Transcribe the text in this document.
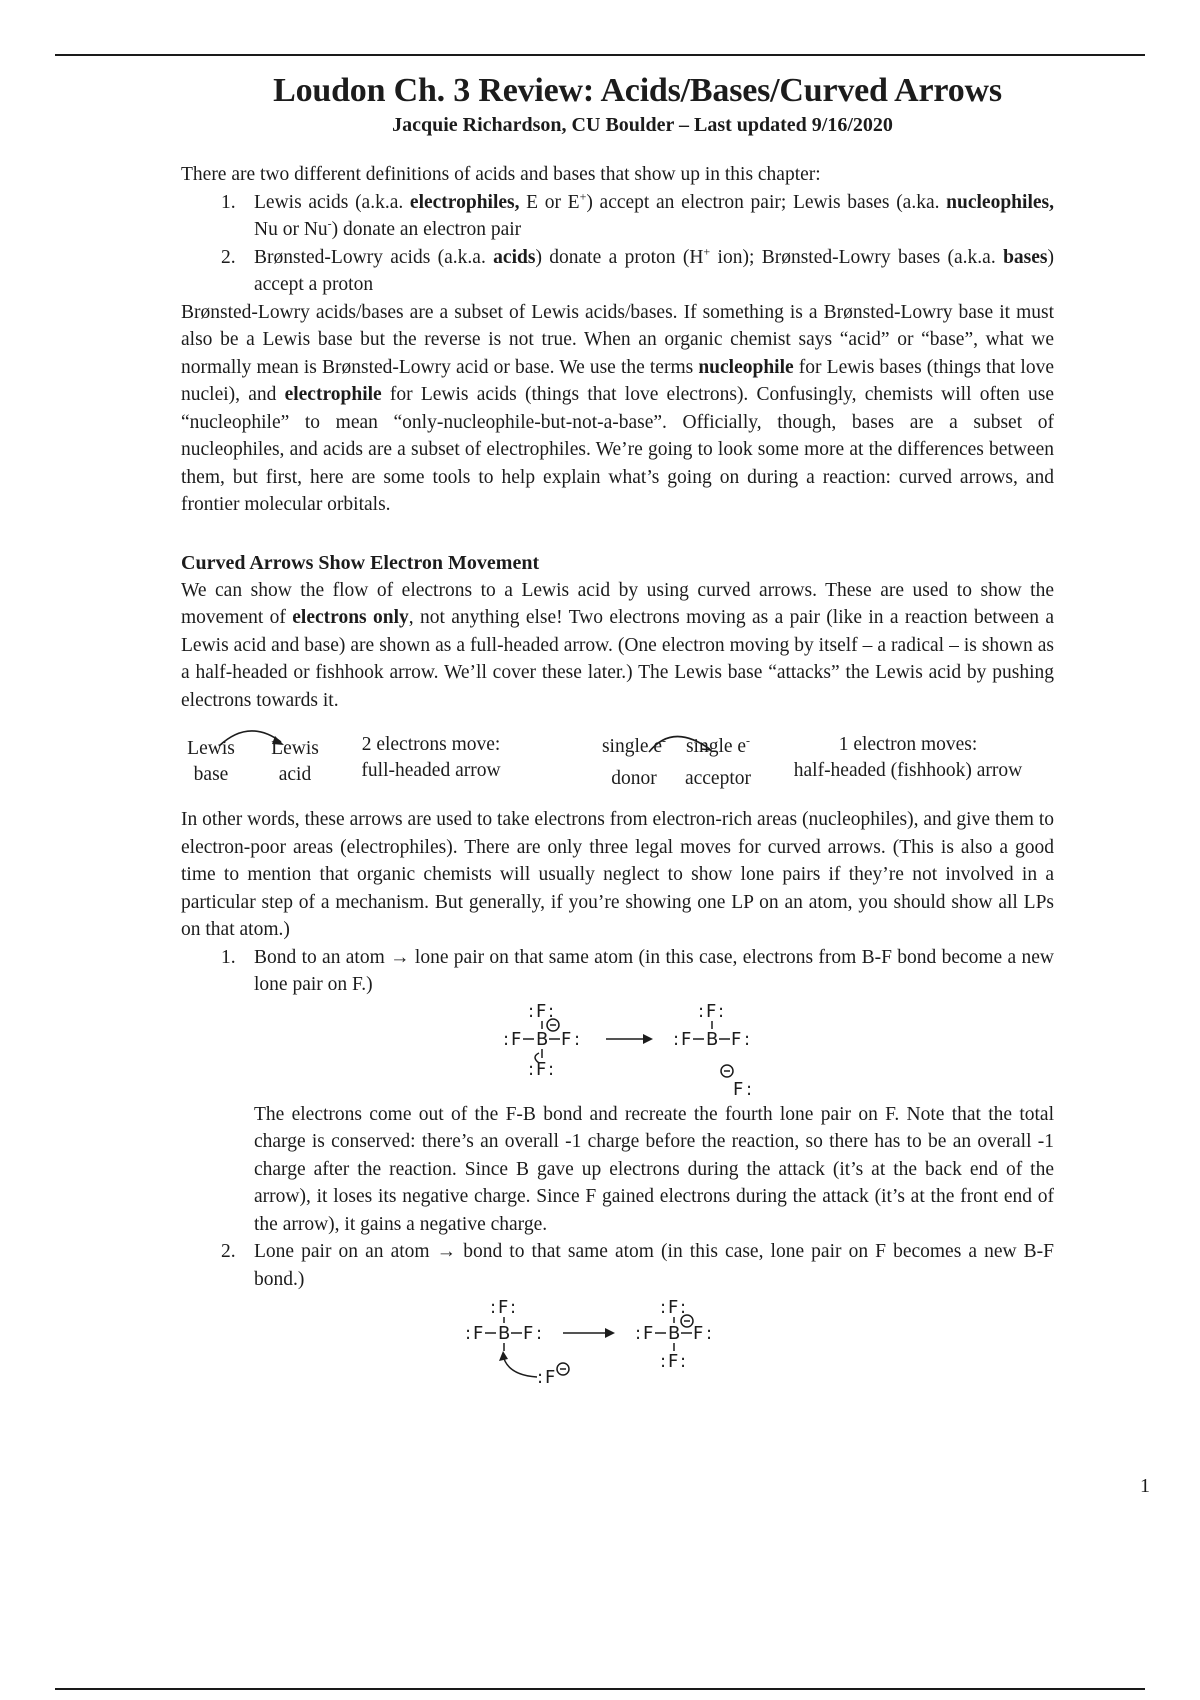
Loudon Ch. 3 Review: Acids/Bases/Curved Arrows
Jacquie Richardson, CU Boulder – Last updated 9/16/2020

There are two different definitions of acids and bases that show up in this chapter:

1. Lewis acids (a.k.a. electrophiles, E or E+) accept an electron pair; Lewis bases (a.ka. nucleophiles, Nu or Nu-) donate an electron pair
2. Brønsted-Lowry acids (a.k.a. acids) donate a proton (H+ ion); Brønsted-Lowry bases (a.k.a. bases) accept a proton

Brønsted-Lowry acids/bases are a subset of Lewis acids/bases. If something is a Brønsted-Lowry base it must also be a Lewis base but the reverse is not true. When an organic chemist says “acid” or “base”, what we normally mean is Brønsted-Lowry acid or base. We use the terms nucleophile for Lewis bases (things that love nuclei), and electrophile for Lewis acids (things that love electrons). Confusingly, chemists will often use “nucleophile” to mean “only-nucleophile-but-not-a-base”. Officially, though, bases are a subset of nucleophiles, and acids are a subset of electrophiles. We’re going to look some more at the differences between them, but first, here are some tools to help explain what’s going on during a reaction: curved arrows, and frontier molecular orbitals.

Curved Arrows Show Electron Movement

We can show the flow of electrons to a Lewis acid by using curved arrows. These are used to show the movement of electrons only, not anything else! Two electrons moving as a pair (like in a reaction between a Lewis acid and base) are shown as a full-headed arrow. (One electron moving by itself – a radical – is shown as a half-headed or fishhook arrow. We’ll cover these later.) The Lewis base “attacks” the Lewis acid by pushing electrons towards it.

Lewis
base
Lewis
acid
2 electrons move:
full-headed arrow
single e-
donor
single e-
acceptor
1 electron moves:
half-headed (fishhook) arrow

In other words, these arrows are used to take electrons from electron-rich areas (nucleophiles), and give them to electron-poor areas (electrophiles). There are only three legal moves for curved arrows. (This is also a good time to mention that organic chemists will usually neglect to show lone pairs if they’re not involved in a particular step of a mechanism. But generally, if you’re showing one LP on an atom, you should show all LPs on that atom.)

1. Bond to an atom → lone pair on that same atom (in this case, electrons from B-F bond become a new lone pair on F.)
F
: :
F
: B F :
F
: :
F
: :
F
: B F :
F :

The electrons come out of the F-B bond and recreate the fourth lone pair on F. Note that the total charge is conserved: there’s an overall -1 charge before the reaction, so there has to be an overall -1 charge after the reaction. Since B gave up electrons during the attack (it’s at the back end of the arrow), it loses its negative charge. Since F gained electrons during the attack (it’s at the front end of the arrow), it gains a negative charge.

2. Lone pair on an atom → bond to that same atom (in this case, lone pair on F becomes a new B-F bond.)
F
: :
F
: B F :
F
:
F
: :
F
: B F :
F
: :
1
